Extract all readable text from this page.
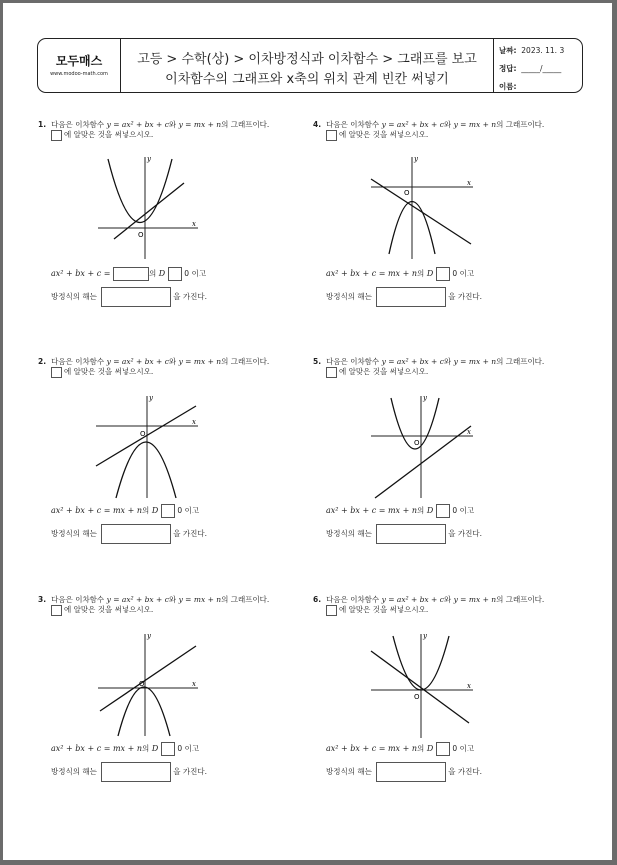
모두매스
www.modoo-math.com
고등 > 수학(상) > 이차방정식과 이차함수 > 그래프를 보고
이차함수의 그래프와 x축의 위치 관계 빈칸 써넣기
날짜: 2023. 11. 3
정답: _____/_____
이름:
1. 다음은 이차함수 y = ax² + bx + c와 y = mx + n의 그래프이다.
에 알맞은 것을 써넣으시오.
x
y
O
ax² + bx + c =	의 D	0 이고
방정식의 해는	을 가진다.
4. 다음은 이차함수 y = ax² + bx + c와 y = mx + n의 그래프이다.
에 알맞은 것을 써넣으시오.
x
y
O
ax² + bx + c = mx + n의 D	0 이고
방정식의 해는	을 가진다.
2. 다음은 이차함수 y = ax² + bx + c와 y = mx + n의 그래프이다.
에 알맞은 것을 써넣으시오.
x
y
O
ax² + bx + c = mx + n의 D	0 이고
방정식의 해는	을 가진다.
5. 다음은 이차함수 y = ax² + bx + c와 y = mx + n의 그래프이다.
에 알맞은 것을 써넣으시오.
x
y
O
ax² + bx + c = mx + n의 D	0 이고
방정식의 해는	을 가진다.
3. 다음은 이차함수 y = ax² + bx + c와 y = mx + n의 그래프이다.
에 알맞은 것을 써넣으시오.
x
y
O
ax² + bx + c = mx + n의 D	0 이고
방정식의 해는	을 가진다.
6. 다음은 이차함수 y = ax² + bx + c와 y = mx + n의 그래프이다.
에 알맞은 것을 써넣으시오.
x
y
O
ax² + bx + c = mx + n의 D	0 이고
방정식의 해는	을 가진다.
